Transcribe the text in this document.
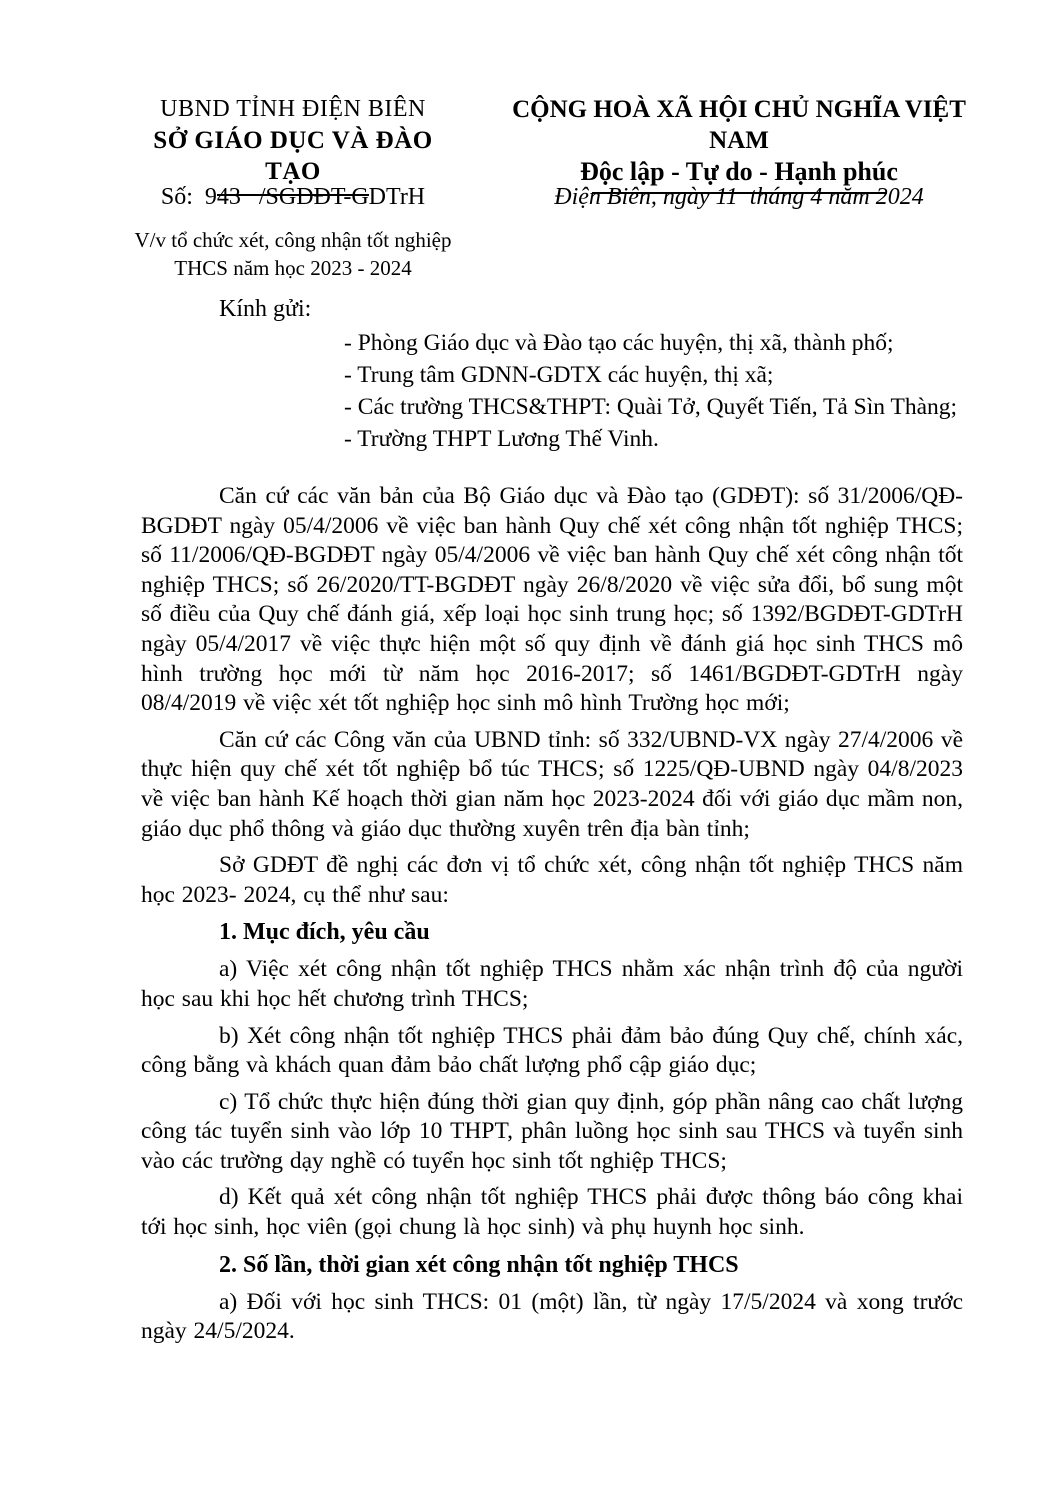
UBND TỈNH ĐIỆN BIÊN
SỞ GIÁO DỤC VÀ ĐÀO TẠO
CỘNG HOÀ XÃ HỘI CHỦ NGHĨA VIỆT NAM
Độc lập - Tự do - Hạnh phúc
Số:  943   /SGDĐT-GDTrH	Điện Biên, ngày 11  tháng 4 năm 2024
V/v tổ chức xét, công nhận tốt nghiệp
THCS năm học 2023 - 2024
Kính gửi:
- Phòng Giáo dục và Đào tạo các huyện, thị xã, thành phố;
- Trung tâm GDNN-GDTX các huyện, thị xã;
- Các trường THCS&THPT: Quài Tở, Quyết Tiến, Tả Sìn Thàng;
- Trường THPT Lương Thế Vinh.

Căn cứ các văn bản của Bộ Giáo dục và Đào tạo (GDĐT): số 31/2006/QĐ-BGDĐT ngày 05/4/2006 về việc ban hành Quy chế xét công nhận tốt nghiệp THCS; số 11/2006/QĐ-BGDĐT ngày 05/4/2006 về việc ban hành Quy chế xét công nhận tốt nghiệp THCS; số 26/2020/TT-BGDĐT ngày 26/8/2020 về việc sửa đổi, bổ sung một số điều của Quy chế đánh giá, xếp loại học sinh trung học; số 1392/BGDĐT-GDTrH ngày 05/4/2017 về việc thực hiện một số quy định về đánh giá học sinh THCS mô hình trường học mới từ năm học 2016-2017; số 1461/BGDĐT-GDTrH ngày 08/4/2019 về việc xét tốt nghiệp học sinh mô hình Trường học mới;

Căn cứ các Công văn của UBND tỉnh: số 332/UBND-VX ngày 27/4/2006 về thực hiện quy chế xét tốt nghiệp bổ túc THCS; số 1225/QĐ-UBND ngày 04/8/2023 về việc ban hành Kế hoạch thời gian năm học 2023-2024 đối với giáo dục mầm non, giáo dục phổ thông và giáo dục thường xuyên trên địa bàn tỉnh;

Sở GDĐT đề nghị các đơn vị tổ chức xét, công nhận tốt nghiệp THCS năm học 2023- 2024, cụ thể như sau:

1. Mục đích, yêu cầu

a) Việc xét công nhận tốt nghiệp THCS nhằm xác nhận trình độ của người học sau khi học hết chương trình THCS;

b) Xét công nhận tốt nghiệp THCS phải đảm bảo đúng Quy chế, chính xác, công bằng và khách quan đảm bảo chất lượng phổ cập giáo dục;

c) Tổ chức thực hiện đúng thời gian quy định, góp phần nâng cao chất lượng công tác tuyển sinh vào lớp 10 THPT, phân luồng học sinh sau THCS và tuyển sinh vào các trường dạy nghề có tuyển học sinh tốt nghiệp THCS;

d) Kết quả xét công nhận tốt nghiệp THCS phải được thông báo công khai tới học sinh, học viên (gọi chung là học sinh) và phụ huynh học sinh.

2. Số lần, thời gian xét công nhận tốt nghiệp THCS

a) Đối với học sinh THCS: 01 (một) lần, từ ngày 17/5/2024 và xong trước ngày 24/5/2024.
